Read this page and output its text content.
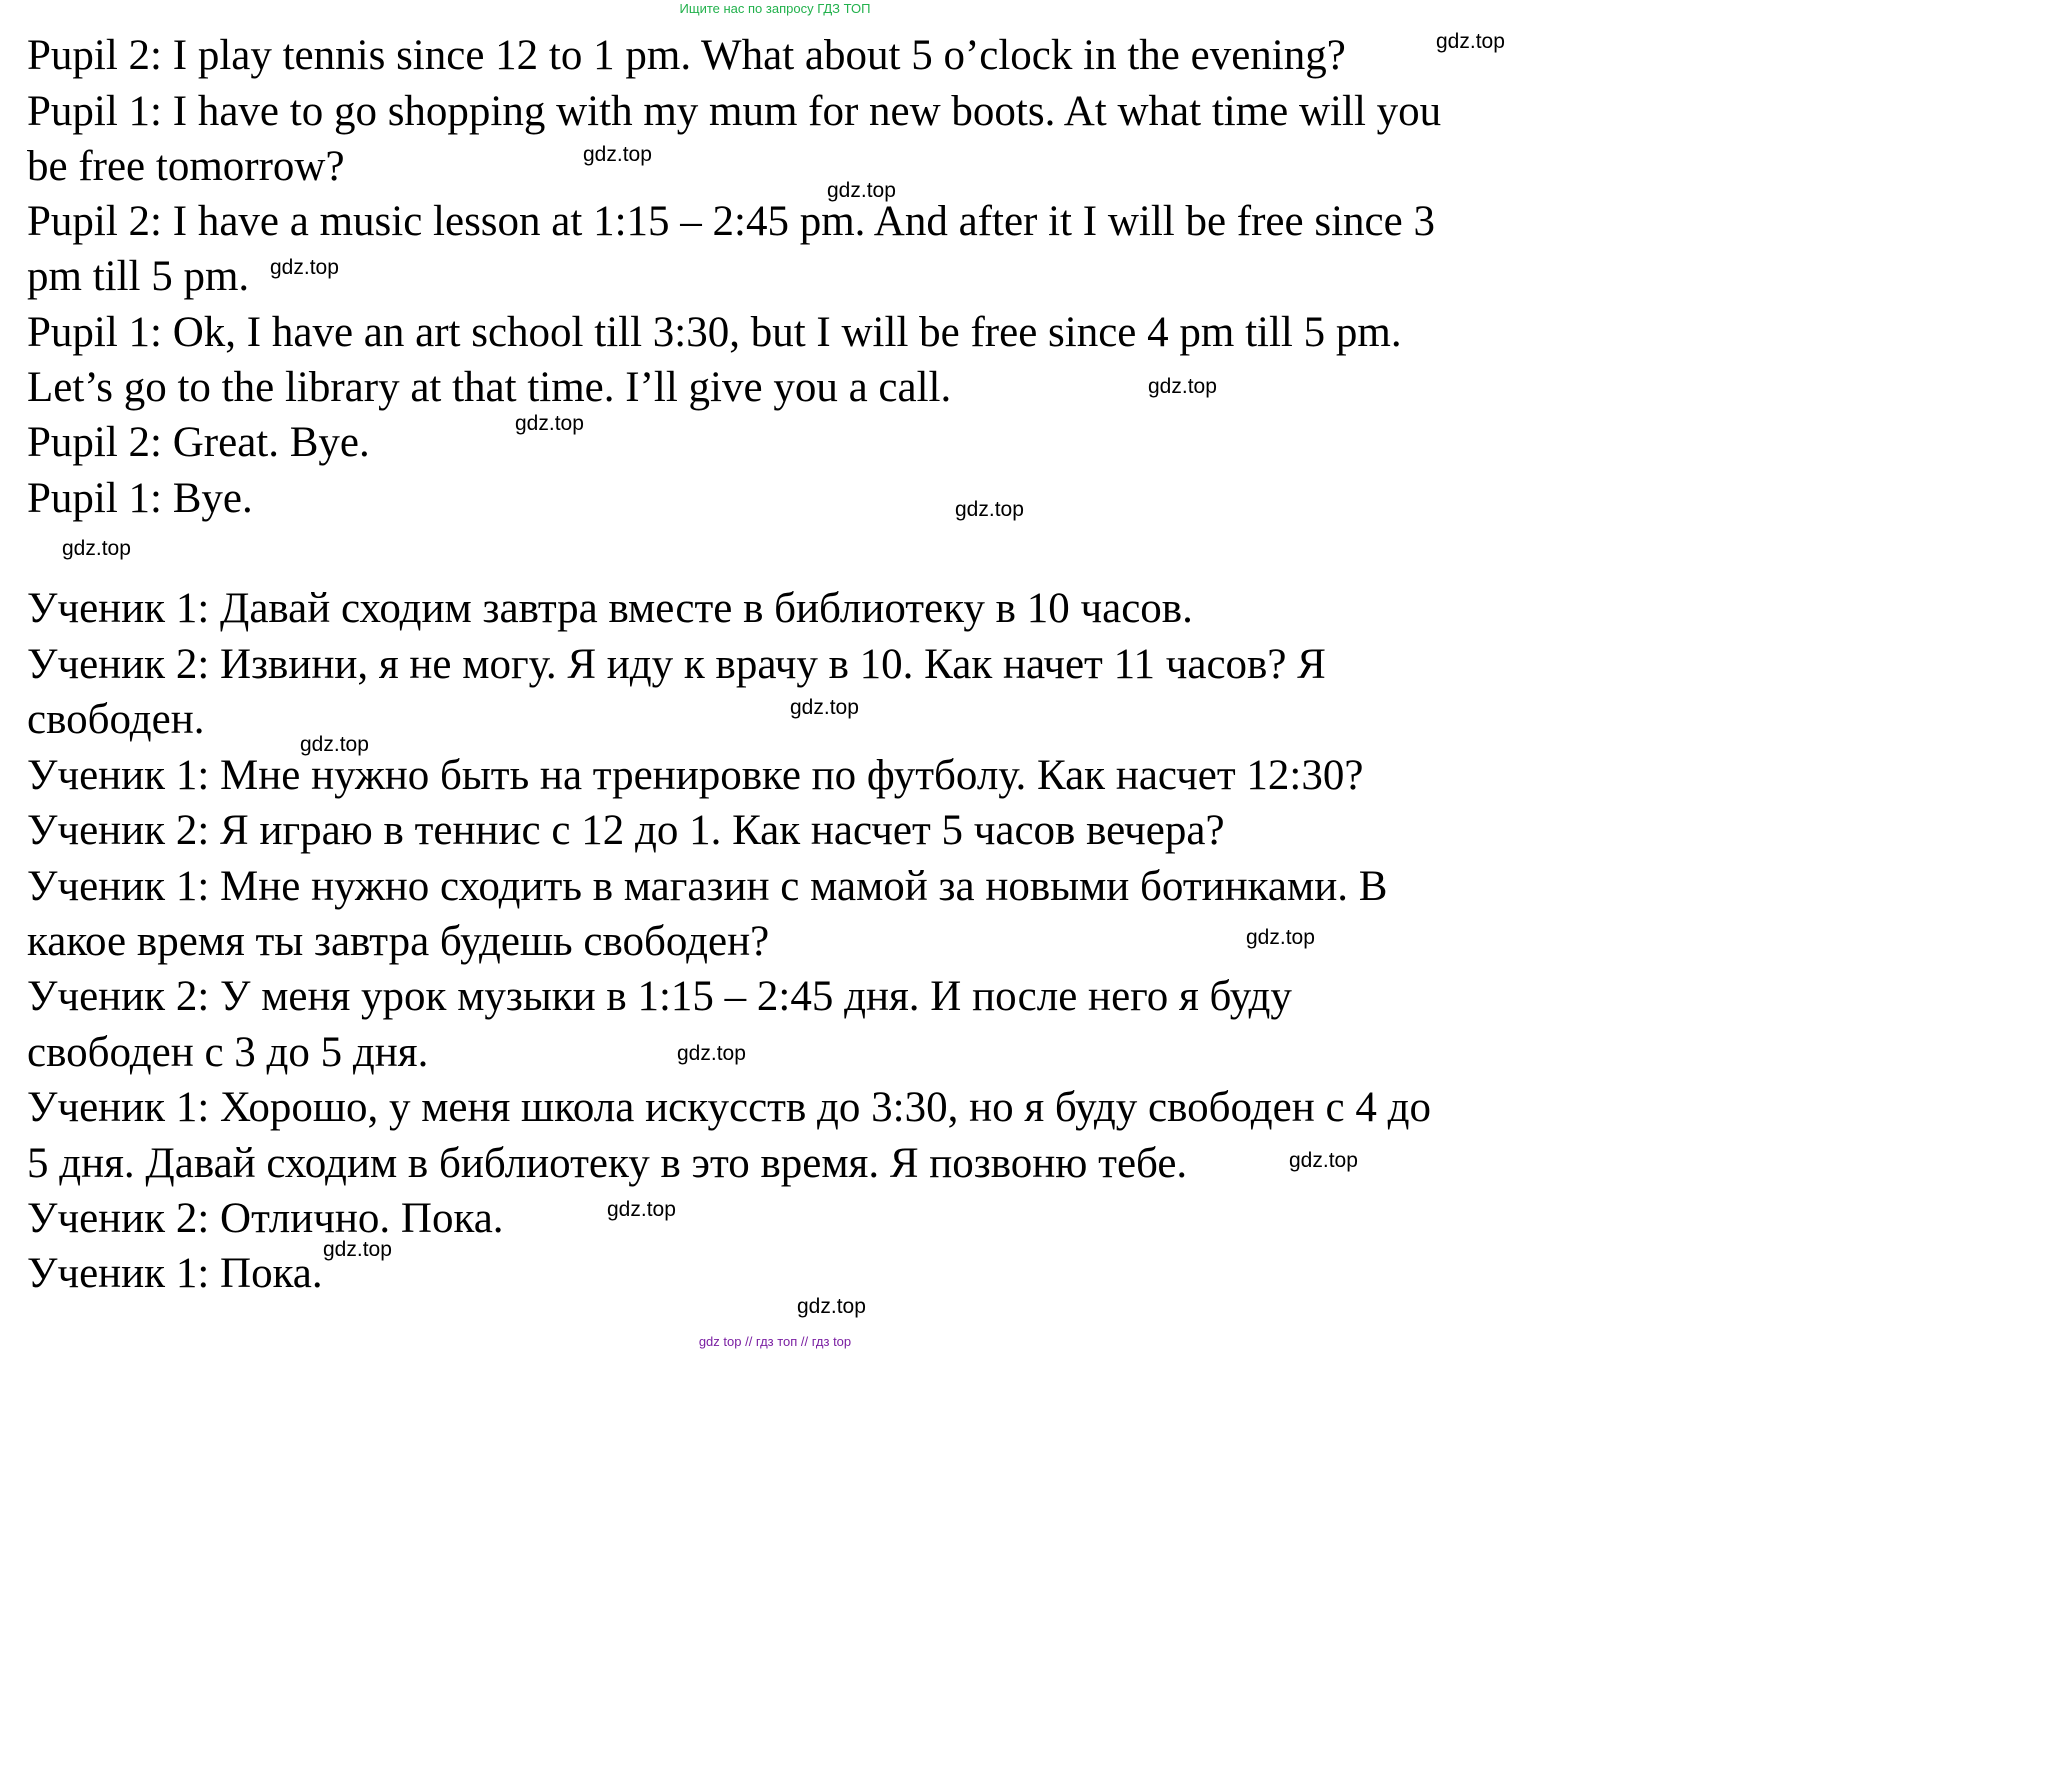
Ищите нас по запросу ГДЗ ТОП
Pupil 2: I play tennis since 12 to 1 pm. What about 5 o’clock in the evening?
Pupil 1: I have to go shopping with my mum for new boots. At what time will you
be free tomorrow?
Pupil 2: I have a music lesson at 1:15 – 2:45 pm. And after it I will be free since 3
pm till 5 pm.
Pupil 1: Ok, I have an art school till 3:30, but I will be free since 4 pm till 5 pm.
Let’s go to the library at that time. I’ll give you a call.
Pupil 2: Great. Bye.
Pupil 1: Bye.
Ученик 1: Давай сходим завтра вместе в библиотеку в 10 часов.
Ученик 2: Извини, я не могу. Я иду к врачу в 10. Как начет 11 часов? Я
свободен.
Ученик 1: Мне нужно быть на тренировке по футболу. Как насчет 12:30?
Ученик 2: Я играю в теннис с 12 до 1. Как насчет 5 часов вечера?
Ученик 1: Мне нужно сходить в магазин с мамой за новыми ботинками. В
какое время ты завтра будешь свободен?
Ученик 2: У меня урок музыки в 1:15 – 2:45 дня. И после него я буду
свободен с 3 до 5 дня.
Ученик 1: Хорошо, у меня школа искусств до 3:30, но я буду свободен с 4 до
5 дня. Давай сходим в библиотеку в это время. Я позвоню тебе.
Ученик 2: Отлично. Пока.
Ученик 1: Пока.
gdz.top
gdz.top
gdz.top
gdz.top
gdz.top
gdz.top
gdz.top
gdz.top
gdz.top
gdz.top
gdz.top
gdz.top
gdz.top
gdz.top
gdz.top
gdz.top
gdz top // гдз топ // гдз top
